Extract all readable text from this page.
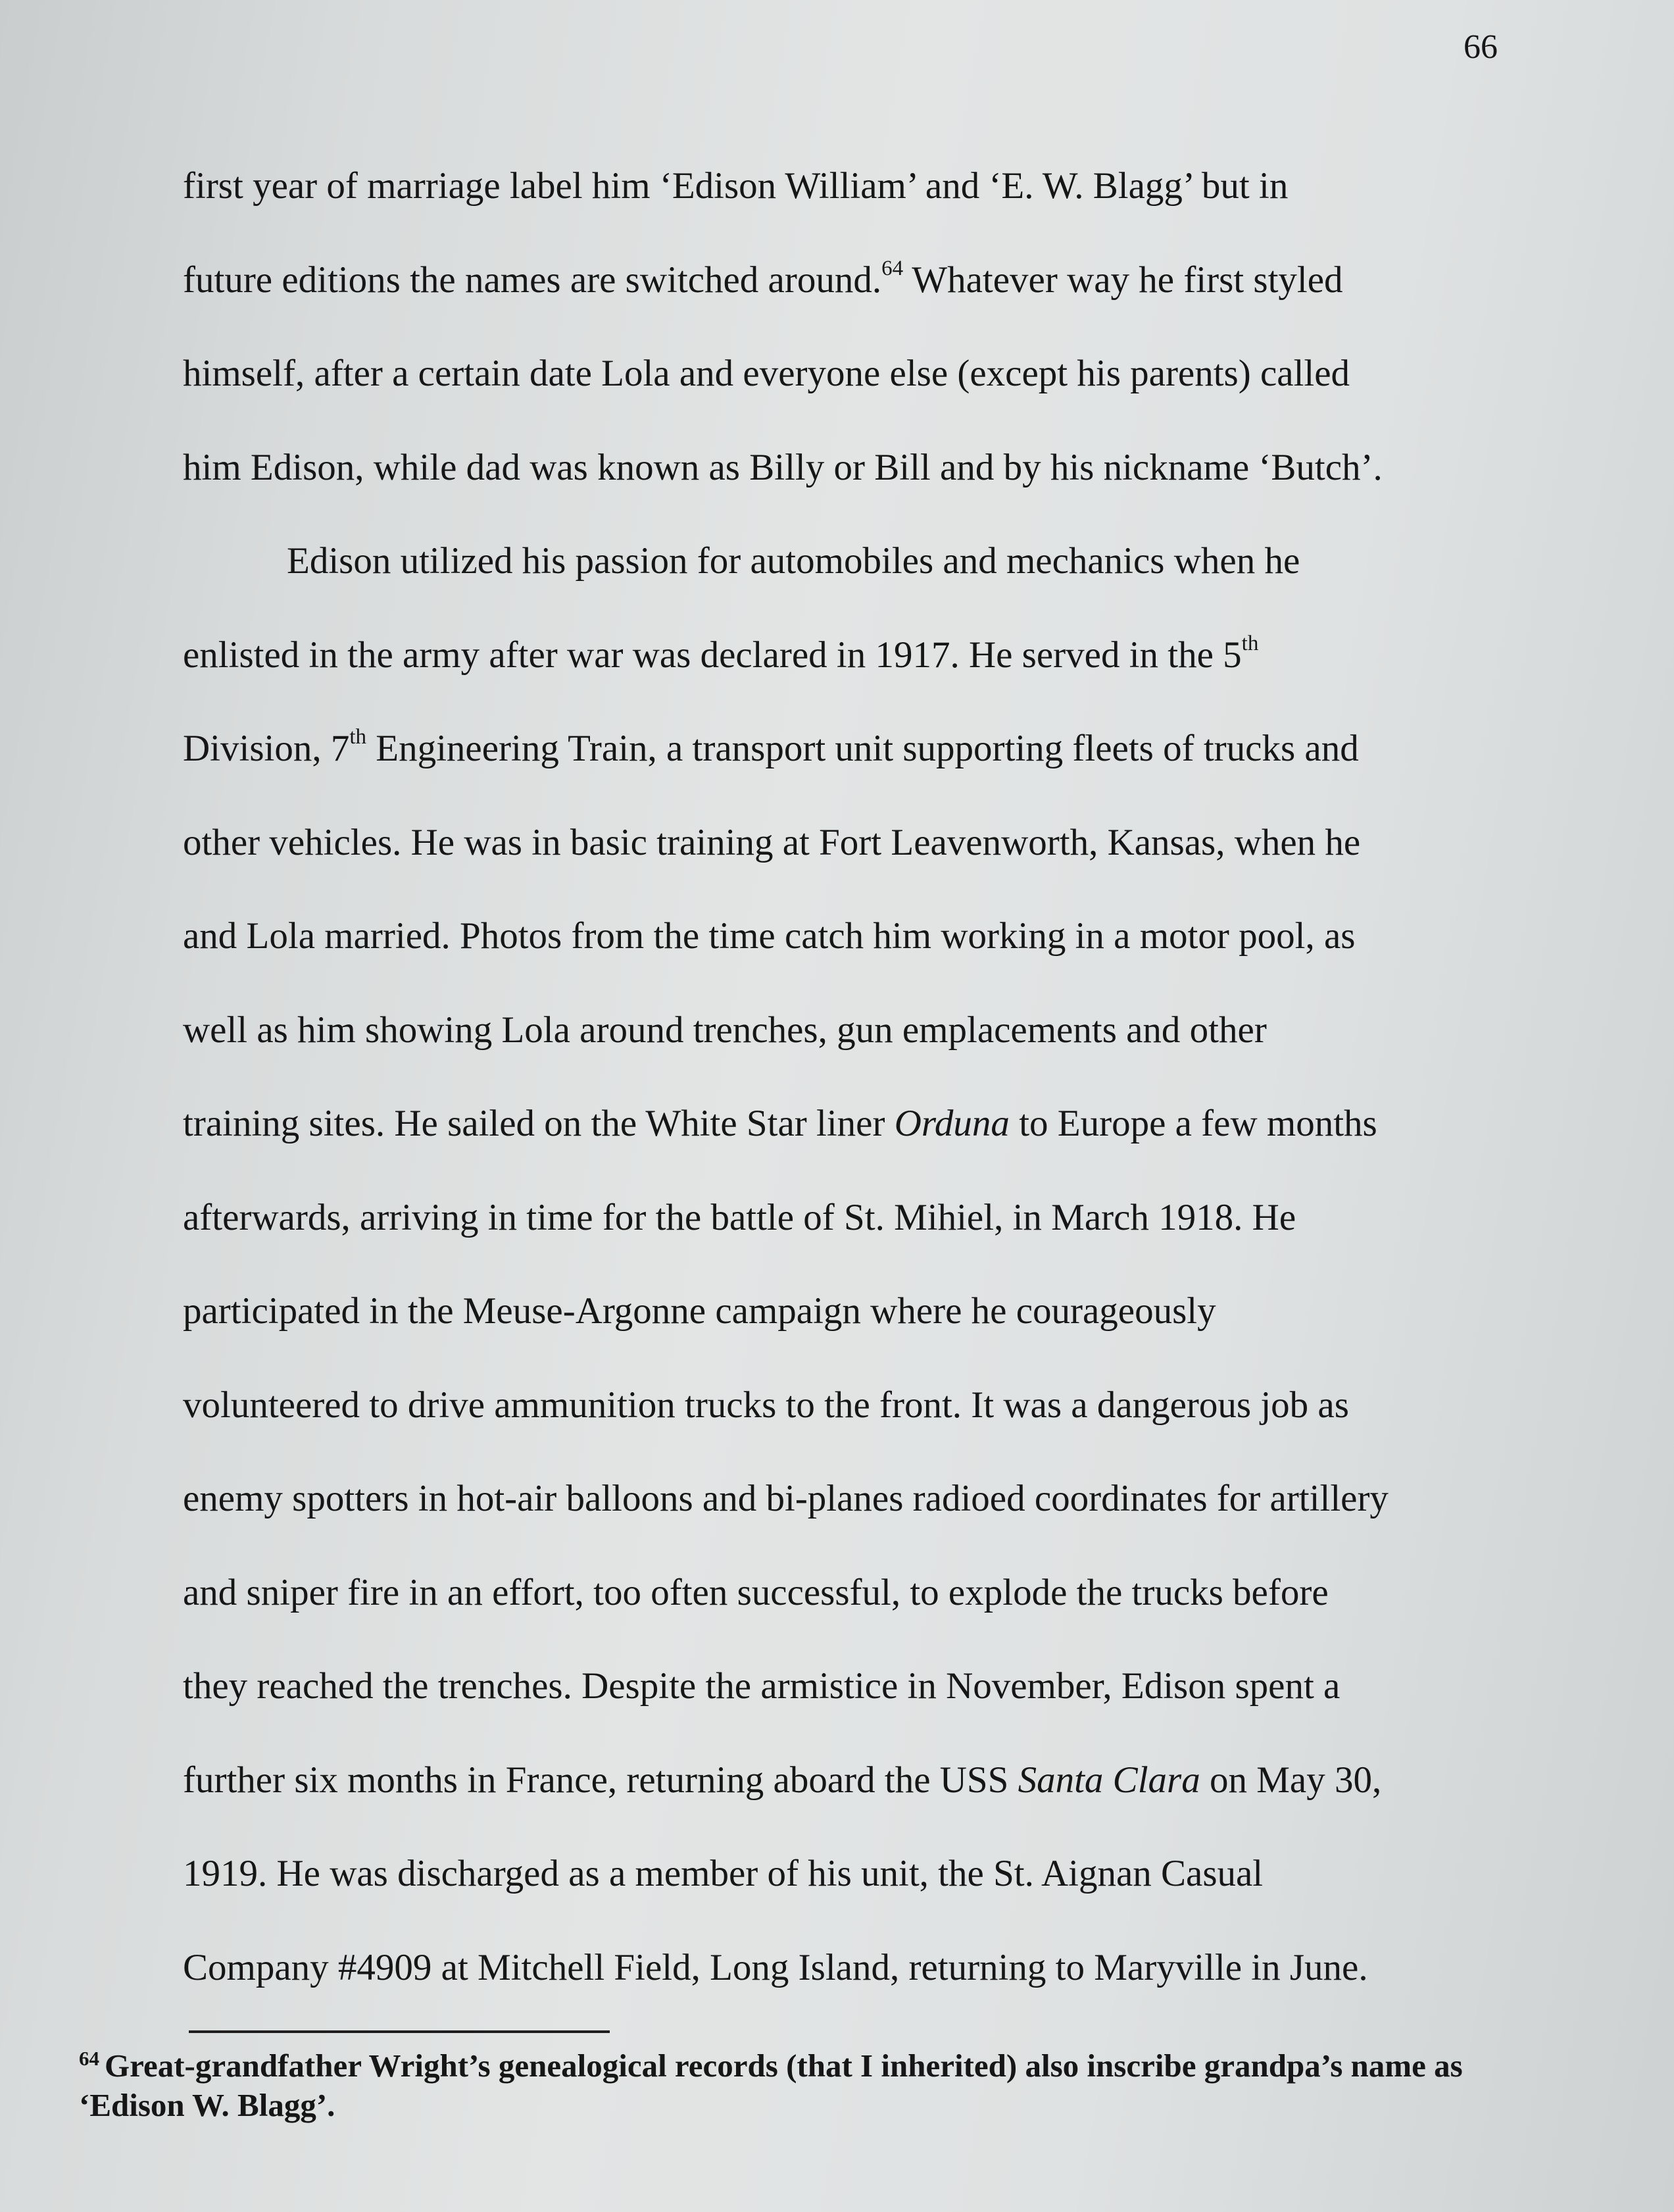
66
first year of marriage label him ‘Edison William’ and ‘E. W. Blagg’ but in
future editions the names are switched around.$^{64}$ Whatever way he first styled
himself, after a certain date Lola and everyone else (except his parents) called
him Edison, while dad was known as Billy or Bill and by his nickname ‘Butch’.
Edison utilized his passion for automobiles and mechanics when he
enlisted in the army after war was declared in 1917. He served in the 5th
Division, 7th Engineering Train, a transport unit supporting fleets of trucks and
other vehicles. He was in basic training at Fort Leavenworth, Kansas, when he
and Lola married. Photos from the time catch him working in a motor pool, as
well as him showing Lola around trenches, gun emplacements and other
training sites. He sailed on the White Star liner Orduna to Europe a few months
afterwards, arriving in time for the battle of St. Mihiel, in March 1918. He
participated in the Meuse-Argonne campaign where he courageously
volunteered to drive ammunition trucks to the front. It was a dangerous job as
enemy spotters in hot-air balloons and bi-planes radioed coordinates for artillery
and sniper fire in an effort, too often successful, to explode the trucks before
they reached the trenches. Despite the armistice in November, Edison spent a
further six months in France, returning aboard the USS Santa Clara on May 30,
1919. He was discharged as a member of his unit, the St. Aignan Casual
Company #4909 at Mitchell Field, Long Island, returning to Maryville in June.
$^{64}$ Great-grandfather Wright’s genealogical records (that I inherited) also inscribe grandpa’s name as
‘Edison W. Blagg’.
